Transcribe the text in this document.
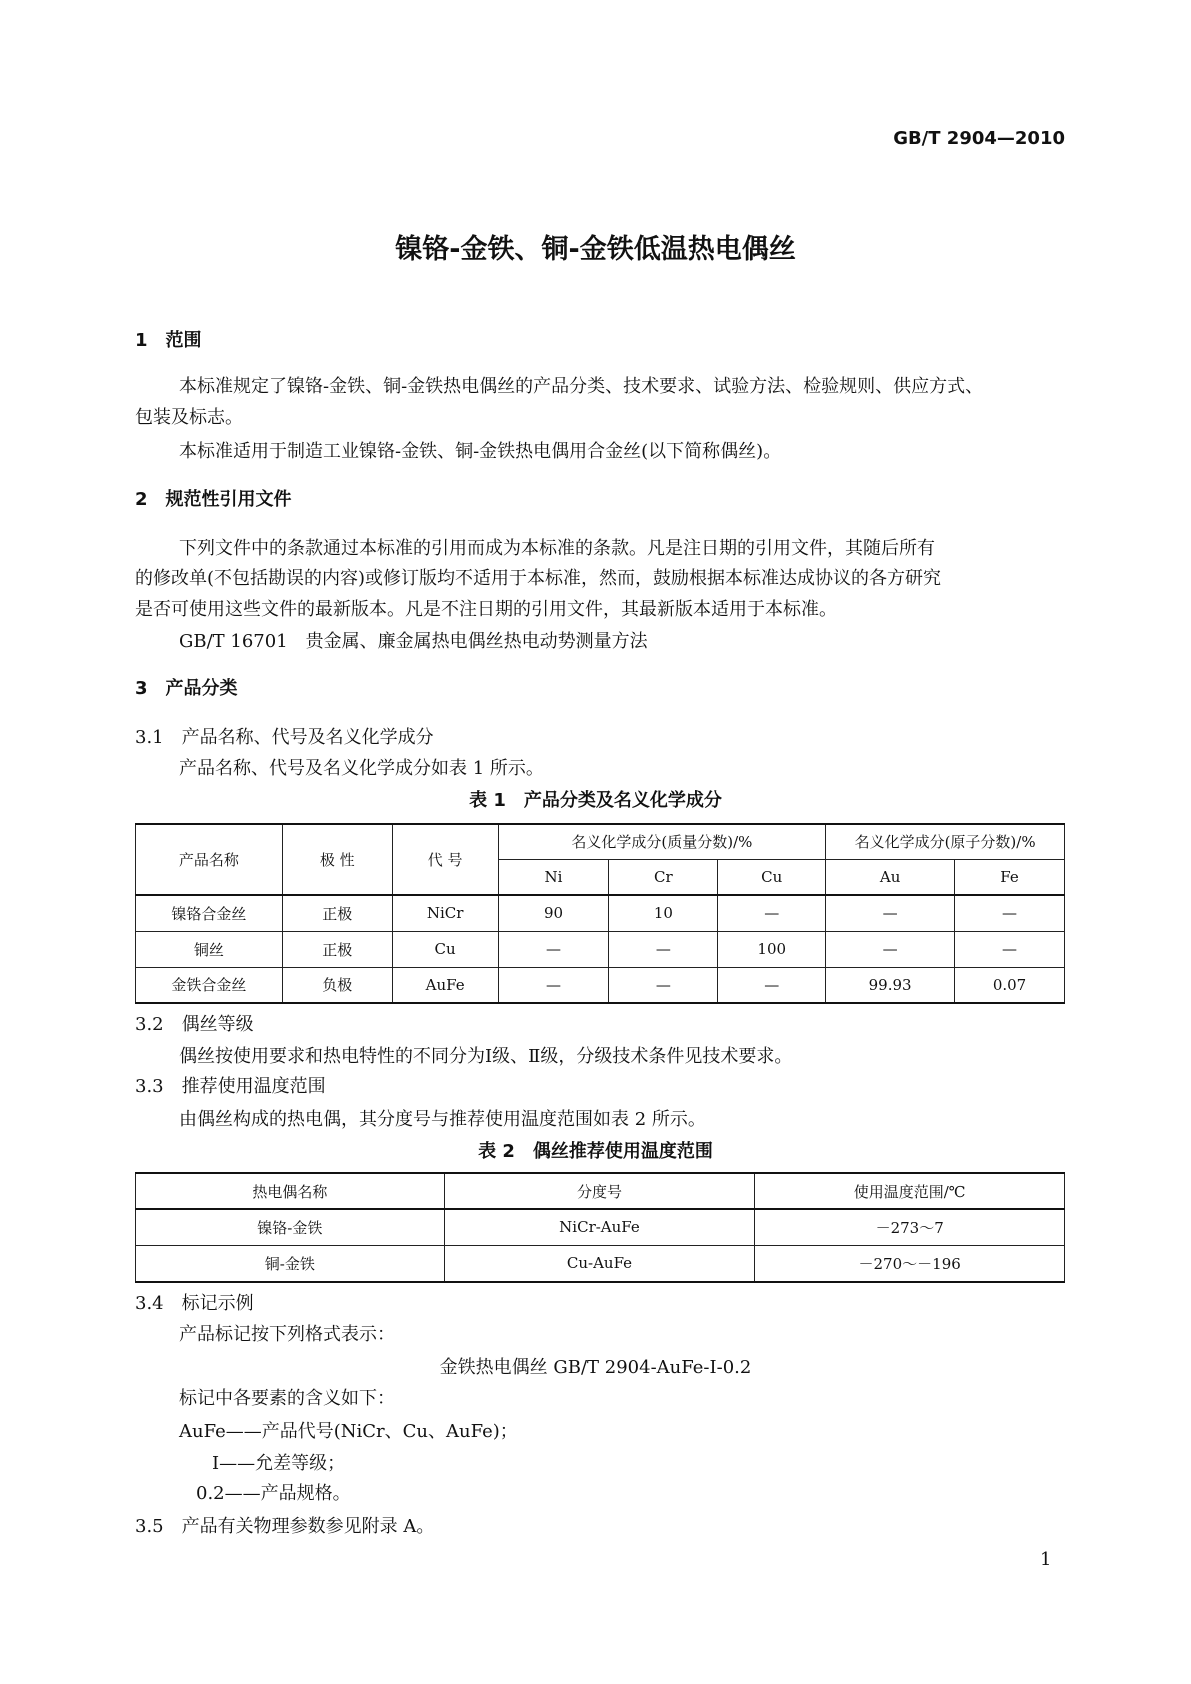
GB/T 2904—2010
镍铬-金铁、铜-金铁低温热电偶丝
1　范围
本标准规定了镍铬-金铁、铜-金铁热电偶丝的产品分类、技术要求、试验方法、检验规则、供应方式、
包装及标志。
本标准适用于制造工业镍铬-金铁、铜-金铁热电偶用合金丝(以下简称偶丝)。
2　规范性引用文件
下列文件中的条款通过本标准的引用而成为本标准的条款。凡是注日期的引用文件，其随后所有
的修改单(不包括勘误的内容)或修订版均不适用于本标准，然而，鼓励根据本标准达成协议的各方研究
是否可使用这些文件的最新版本。凡是不注日期的引用文件，其最新版本适用于本标准。
GB/T 16701　贵金属、廉金属热电偶丝热电动势测量方法
3　产品分类
3.1　产品名称、代号及名义化学成分
产品名称、代号及名义化学成分如表 1 所示。
表 1　产品分类及名义化学成分
产品名称	极 性	代 号	名义化学成分(质量分数)/%			名义化学成分(原子分数)/%	
			Ni	Cr	Cu	Au	Fe
镍铬合金丝	正极	NiCr	90	10	—	—	—
铜丝	正极	Cu	—	—	100	—	—
金铁合金丝	负极	AuFe	—	—	—	99.93	0.07
3.2　偶丝等级
偶丝按使用要求和热电特性的不同分为Ⅰ级、Ⅱ级，分级技术条件见技术要求。
3.3　推荐使用温度范围
由偶丝构成的热电偶，其分度号与推荐使用温度范围如表 2 所示。
表 2　偶丝推荐使用温度范围
热电偶名称	分度号	使用温度范围/℃
镍铬-金铁	NiCr-AuFe	－273～7
铜-金铁	Cu-AuFe	－270～－196
3.4　标记示例
产品标记按下列格式表示：
金铁热电偶丝 GB/T 2904-AuFe-Ⅰ-0.2
标记中各要素的含义如下：
AuFe——产品代号(NiCr、Cu、AuFe)；
Ⅰ——允差等级；
0.2——产品规格。
3.5　产品有关物理参数参见附录 A。
1
